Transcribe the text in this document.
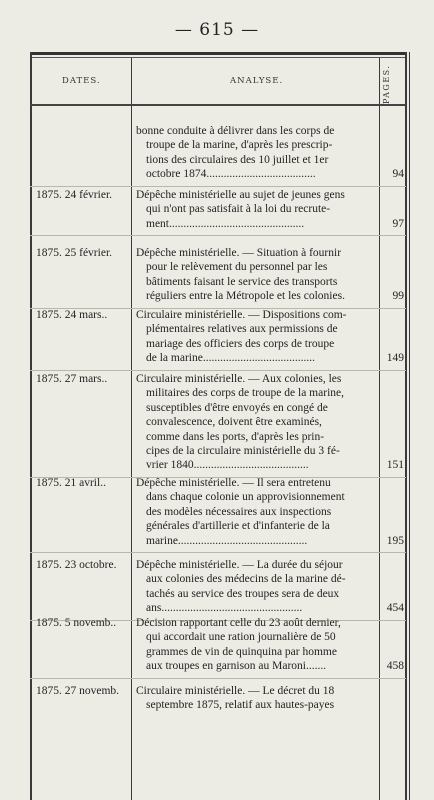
— 615 —
DATES.	ANALYSE.	PAGES.
bonne conduite à délivrer dans les corps de
troupe de la marine, d'après les prescrip-
tions des circulaires des 10 juillet et 1er
octobre 1874......................................	94
1875. 24 février.	Dépêche ministérielle au sujet de jeunes gens
qui n'ont pas satisfait à la loi du recrute-
ment...............................................	97
1875. 25 février.	Dépêche ministérielle. — Situation à fournir
pour le relèvement du personnel par les
bâtiments faisant le service des transports
réguliers entre la Métropole et les colonies.	99
1875. 24 mars..	Circulaire ministérielle. — Dispositions com-
plémentaires relatives aux permissions de
mariage des officiers des corps de troupe
de la marine.......................................	149
1875. 27 mars..	Circulaire ministérielle. — Aux colonies, les
militaires des corps de troupe de la marine,
susceptibles d'être envoyés en congé de
convalescence, doivent être examinés,
comme dans les ports, d'après les prin-
cipes de la circulaire ministérielle du 3 fé-
vrier 1840........................................	151
1875. 21 avril..	Dépêche ministérielle. — Il sera entretenu
dans chaque colonie un approvisionnement
des modèles nécessaires aux inspections
générales d'artillerie et d'infanterie de la
marine.............................................	195
1875. 23 octobre.	Dépêche ministérielle. — La durée du séjour
aux colonies des médecins de la marine dé-
tachés au service des troupes sera de deux
ans.................................................	454
1875. 5 novemb..	Décision rapportant celle du 23 août dernier,
qui accordait une ration journalière de 50
grammes de vin de quinquina par homme
aux troupes en garnison au Maroni.......	458
1875. 27 novemb.	Circulaire ministérielle. — Le décret du 18
septembre 1875, relatif aux hautes-payes
